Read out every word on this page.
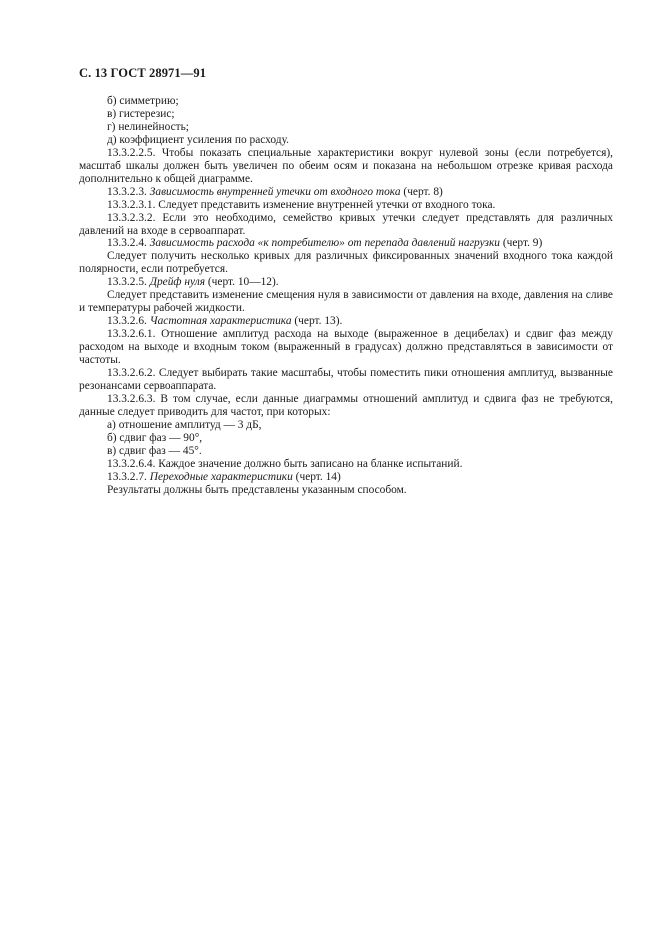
С. 13 ГОСТ 28971—91

б) симметрию;

в) гистерезис;

г) нелинейность;

д) коэффициент усиления по расходу.

13.3.2.2.5. Чтобы показать специальные характеристики вокруг нулевой зоны (если потребуется), масштаб шкалы должен быть увеличен по обеим осям и показана на небольшом отрезке кривая расхода дополнительно к общей диаграмме.

13.3.2.3. Зависимость внутренней утечки от входного тока (черт. 8)

13.3.2.3.1. Следует представить изменение внутренней утечки от входного тока.

13.3.2.3.2. Если это необходимо, семейство кривых утечки следует представлять для различных давлений на входе в сервоаппарат.

13.3.2.4. Зависимость расхода «к потребителю» от перепада давлений нагрузки (черт. 9)

Следует получить несколько кривых для различных фиксированных значений входного тока каждой полярности, если потребуется.

13.3.2.5. Дрейф нуля (черт. 10—12).

Следует представить изменение смещения нуля в зависимости от давления на входе, давления на сливе и температуры рабочей жидкости.

13.3.2.6. Частотная характеристика (черт. 13).

13.3.2.6.1. Отношение амплитуд расхода на выходе (выраженное в децибелах) и сдвиг фаз между расходом на выходе и входным током (выраженный в градусах) должно представляться в зависимости от частоты.

13.3.2.6.2. Следует выбирать такие масштабы, чтобы поместить пики отношения амплитуд, вызванные резонансами сервоаппарата.

13.3.2.6.3. В том случае, если данные диаграммы отношений амплитуд и сдвига фаз не требуются, данные следует приводить для частот, при которых:

а) отношение амплитуд — 3 дБ,

б) сдвиг фаз — 90°,

в) сдвиг фаз — 45°.

13.3.2.6.4. Каждое значение должно быть записано на бланке испытаний.

13.3.2.7. Переходные характеристики (черт. 14)

Результаты должны быть представлены указанным способом.
